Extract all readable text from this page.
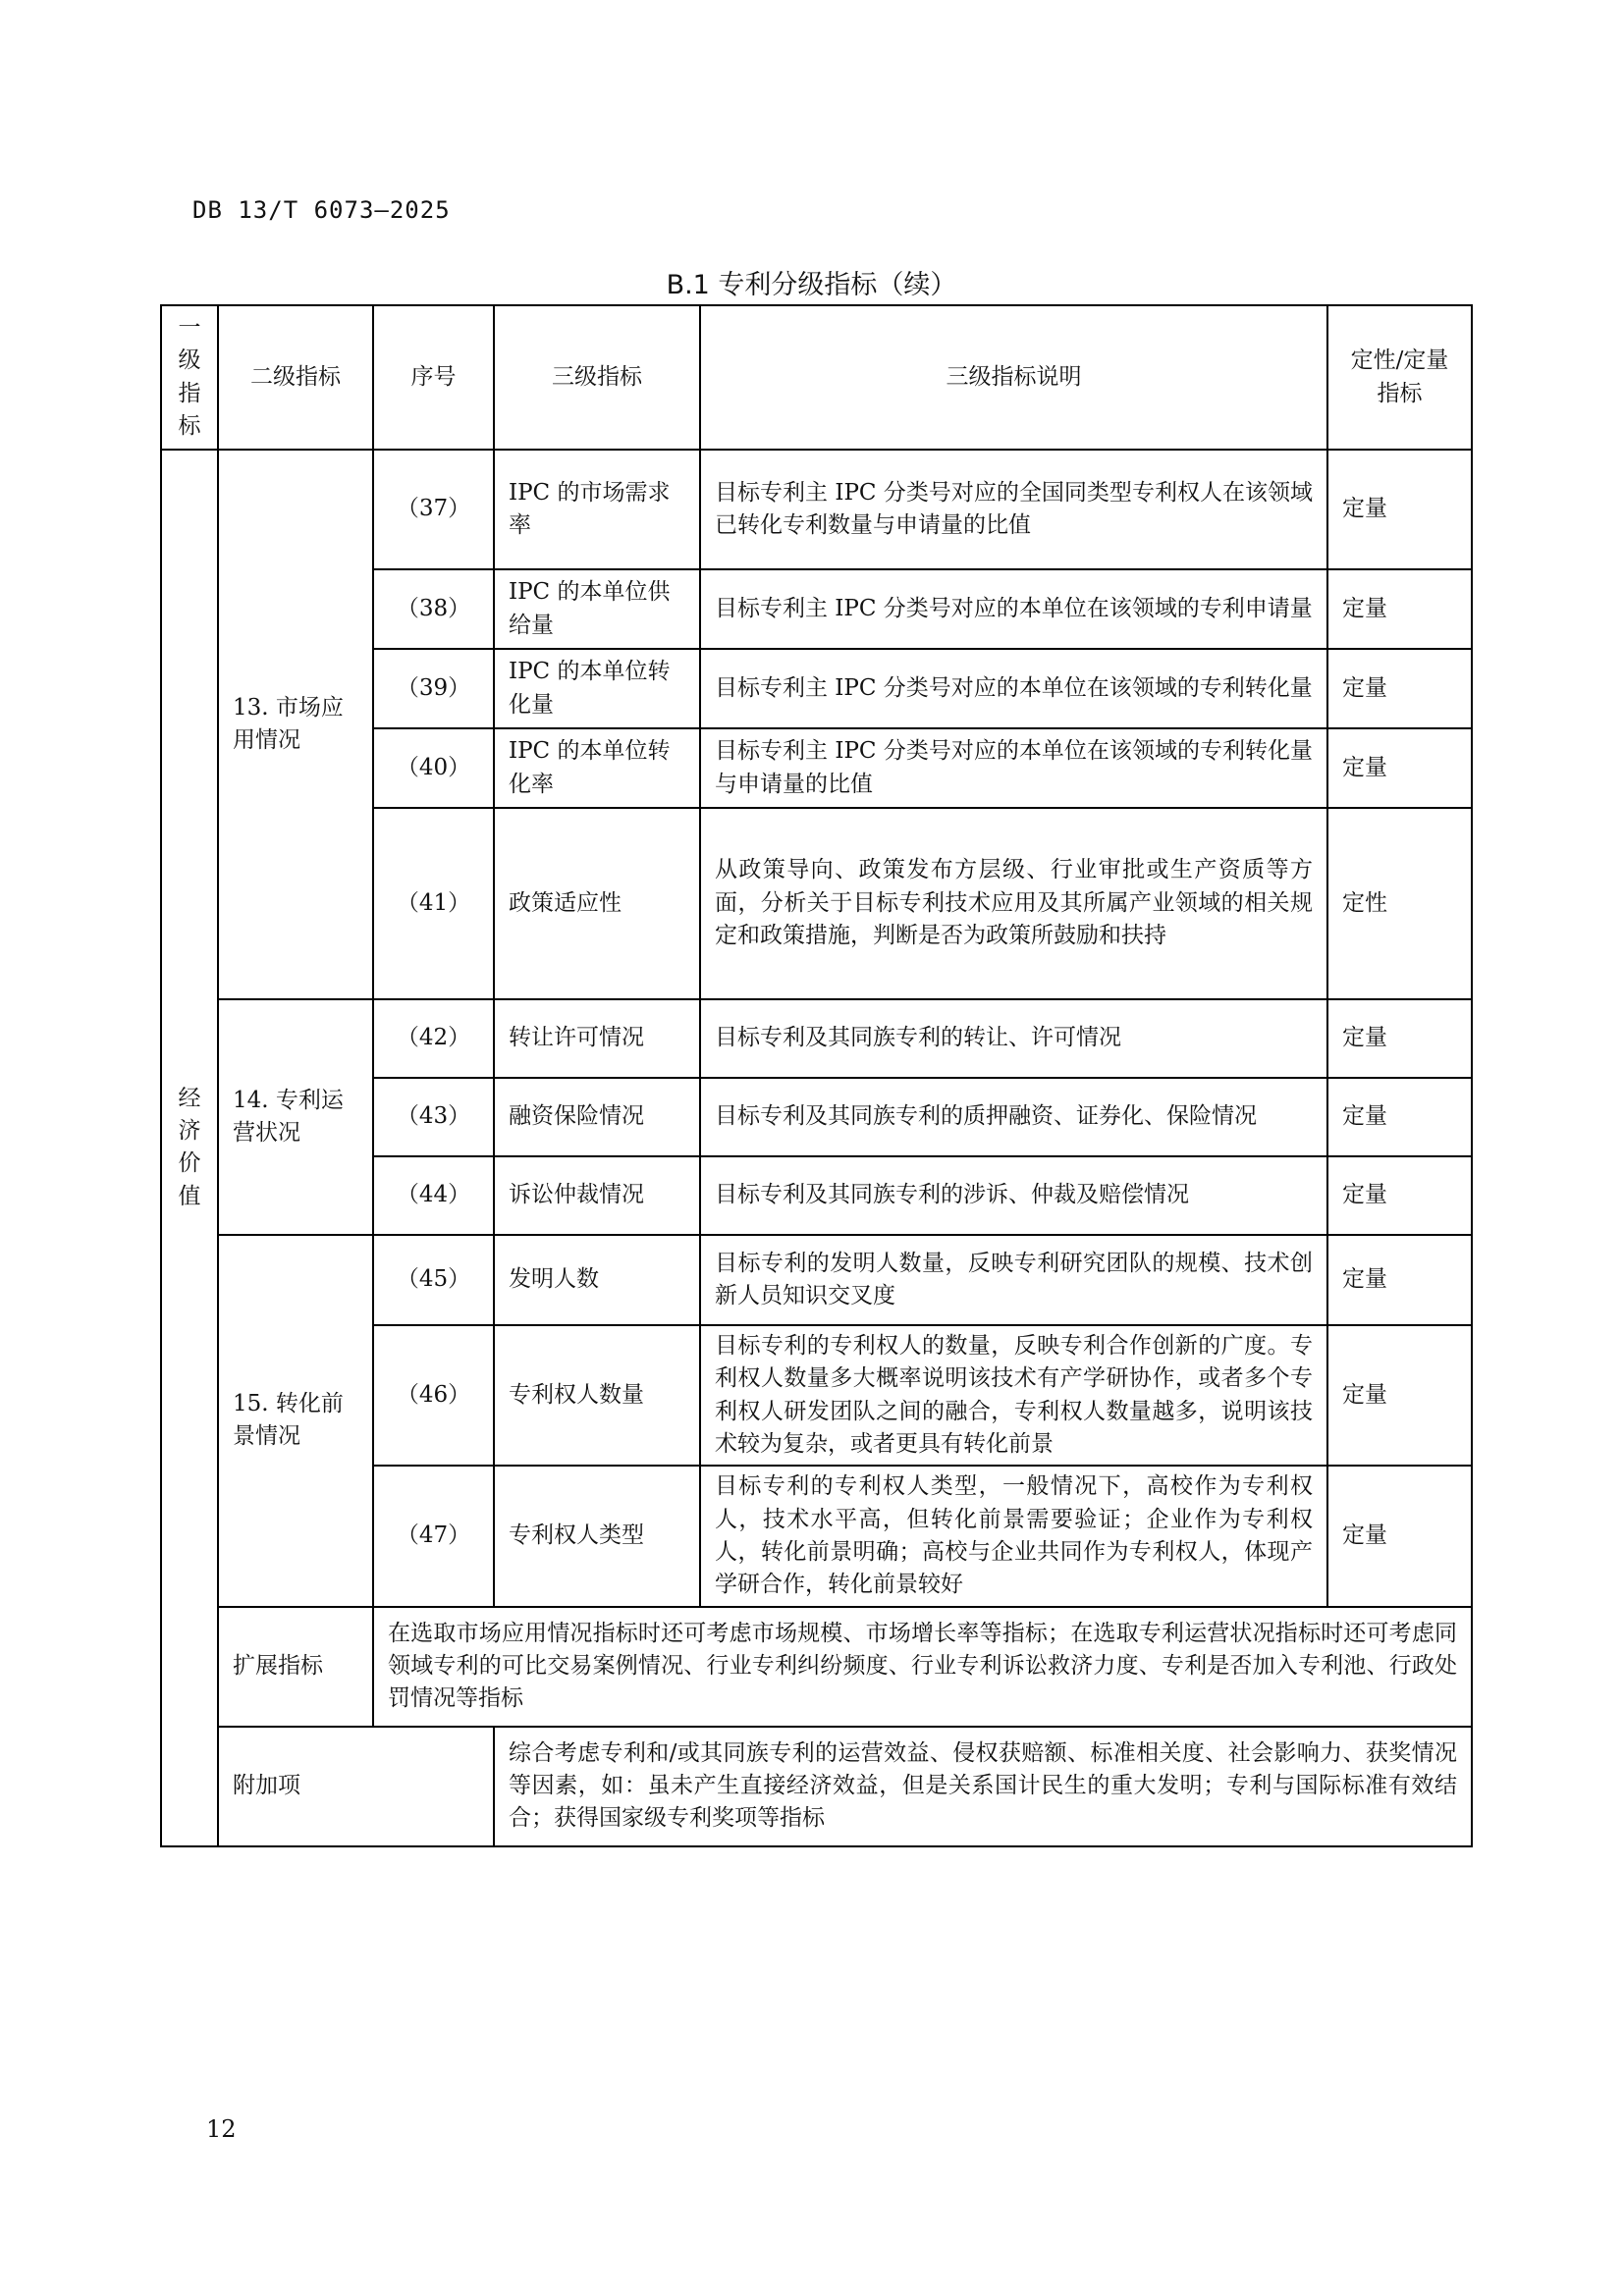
DB 13/T 6073—2025
B.1 专利分级指标（续）
一
级
指
标	二级指标	序号	三级指标	三级指标说明	定性/定量指标

经
济
价
值	13. 市场应用情况	（37）	IPC 的市场需求率	目标专利主 IPC 分类号对应的全国同类型专利权人在该领域已转化专利数量与申请量的比值	定量
		（38）	IPC 的本单位供给量	目标专利主 IPC 分类号对应的本单位在该领域的专利申请量	定量
		（39）	IPC 的本单位转化量	目标专利主 IPC 分类号对应的本单位在该领域的专利转化量	定量
		（40）	IPC 的本单位转化率	目标专利主 IPC 分类号对应的本单位在该领域的专利转化量与申请量的比值	定量
		（41）	政策适应性	从政策导向、政策发布方层级、行业审批或生产资质等方面，分析关于目标专利技术应用及其所属产业领域的相关规定和政策措施，判断是否为政策所鼓励和扶持	定性
	14. 专利运营状况	（42）	转让许可情况	目标专利及其同族专利的转让、许可情况	定量
		（43）	融资保险情况	目标专利及其同族专利的质押融资、证券化、保险情况	定量
		（44）	诉讼仲裁情况	目标专利及其同族专利的涉诉、仲裁及赔偿情况	定量
	15. 转化前景情况	（45）	发明人数	目标专利的发明人数量，反映专利研究团队的规模、技术创新人员知识交叉度	定量
		（46）	专利权人数量	目标专利的专利权人的数量，反映专利合作创新的广度。专利权人数量多大概率说明该技术有产学研协作，或者多个专利权人研发团队之间的融合，专利权人数量越多，说明该技术较为复杂，或者更具有转化前景	定量
		（47）	专利权人类型	目标专利的专利权人类型，一般情况下，高校作为专利权人，技术水平高，但转化前景需要验证；企业作为专利权人，转化前景明确；高校与企业共同作为专利权人，体现产学研合作，转化前景较好	定量
	扩展指标	在选取市场应用情况指标时还可考虑市场规模、市场增长率等指标；在选取专利运营状况指标时还可考虑同领域专利的可比交易案例情况、行业专利纠纷频度、行业专利诉讼救济力度、专利是否加入专利池、行政处罚情况等指标			
	附加项		综合考虑专利和/或其同族专利的运营效益、侵权获赔额、标准相关度、社会影响力、获奖情况等因素，如：虽未产生直接经济效益，但是关系国计民生的重大发明；专利与国际标准有效结合；获得国家级专利奖项等指标		
12
